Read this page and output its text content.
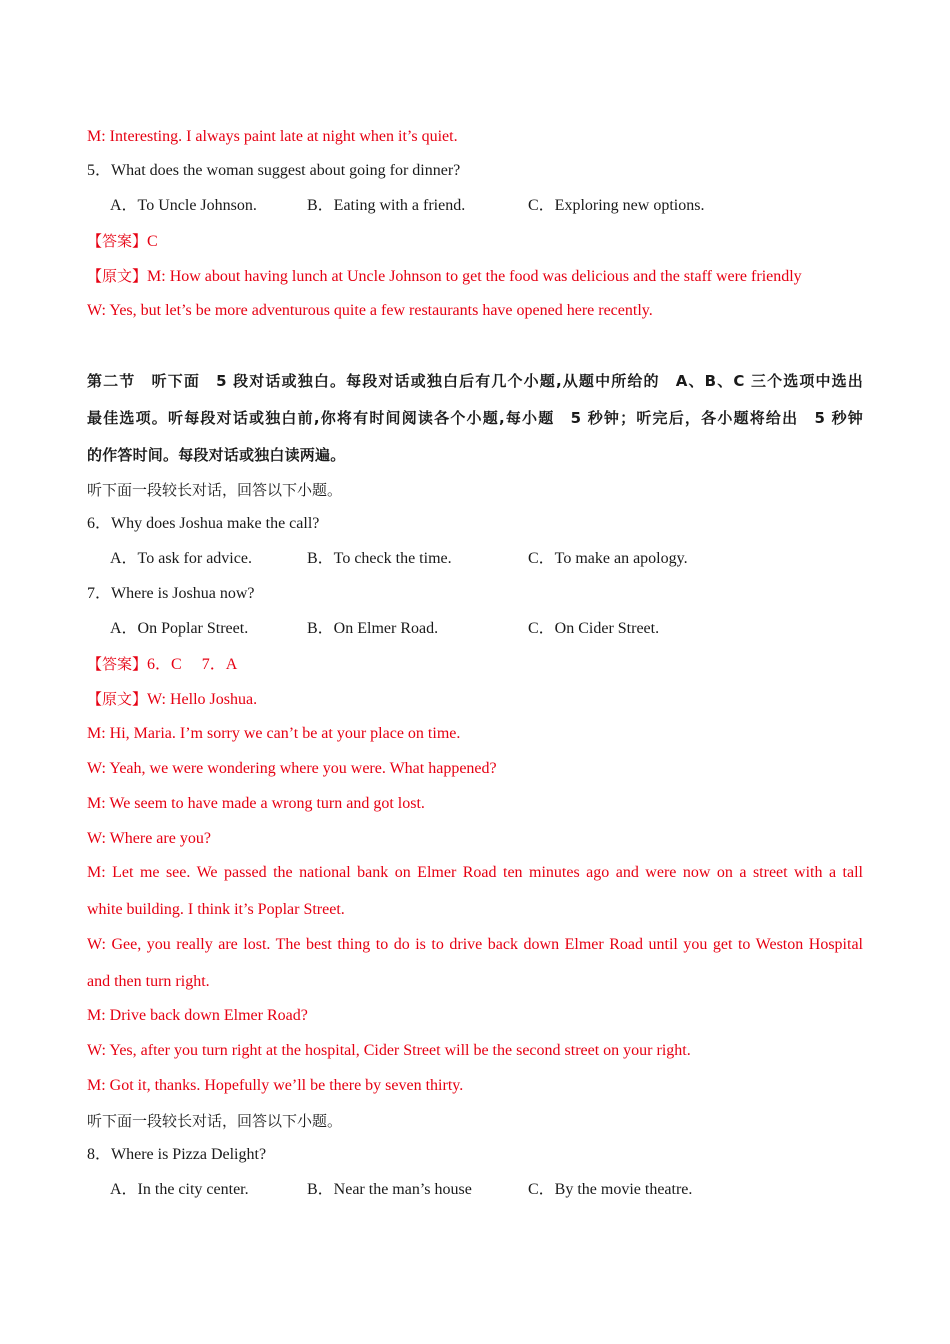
M: Interesting. I always paint late at night when it’s quiet.
5．What does the woman suggest about going for dinner?
A．To Uncle Johnson.	B．Eating with a friend.	C．Exploring new options.
【答案】C
【原文】M: How about having lunch at Uncle Johnson to get the food was delicious and the staff were friendly
W: Yes, but let’s be more adventurous quite a few restaurants have opened here recently.
第二节　听下面　5 段对话或独白。每段对话或独白后有几个小题,从题中所给的　A、B、C 三个选项中选出
最佳选项。听每段对话或独白前,你将有时间阅读各个小题,每小题　5 秒钟；听完后，各小题将给出　5 秒钟
的作答时间。每段对话或独白读两遍。
听下面一段较长对话，回答以下小题。
6．Why does Joshua make the call?
A．To ask for advice.	B．To check the time.	C．To make an apology.
7．Where is Joshua now?
A．On Poplar Street.	B．On Elmer Road.	C．On Cider Street.
【答案】6．C　 7．A
【原文】W: Hello Joshua.
M: Hi, Maria. I’m sorry we can’t be at your place on time.
W: Yeah, we were wondering where you were. What happened?
M: We seem to have made a wrong turn and got lost.
W: Where are you?
M: Let me see. We passed the national bank on Elmer Road ten minutes ago and were now on a street with a tall
white building. I think it’s Poplar Street.
W: Gee, you really are lost. The best thing to do is to drive back down Elmer Road until you get to Weston Hospital
and then turn right.
M: Drive back down Elmer Road?
W: Yes, after you turn right at the hospital, Cider Street will be the second street on your right.
M: Got it, thanks. Hopefully we’ll be there by seven thirty.
听下面一段较长对话，回答以下小题。
8．Where is Pizza Delight?
A．In the city center.	B．Near the man’s house	C．By the movie theatre.
